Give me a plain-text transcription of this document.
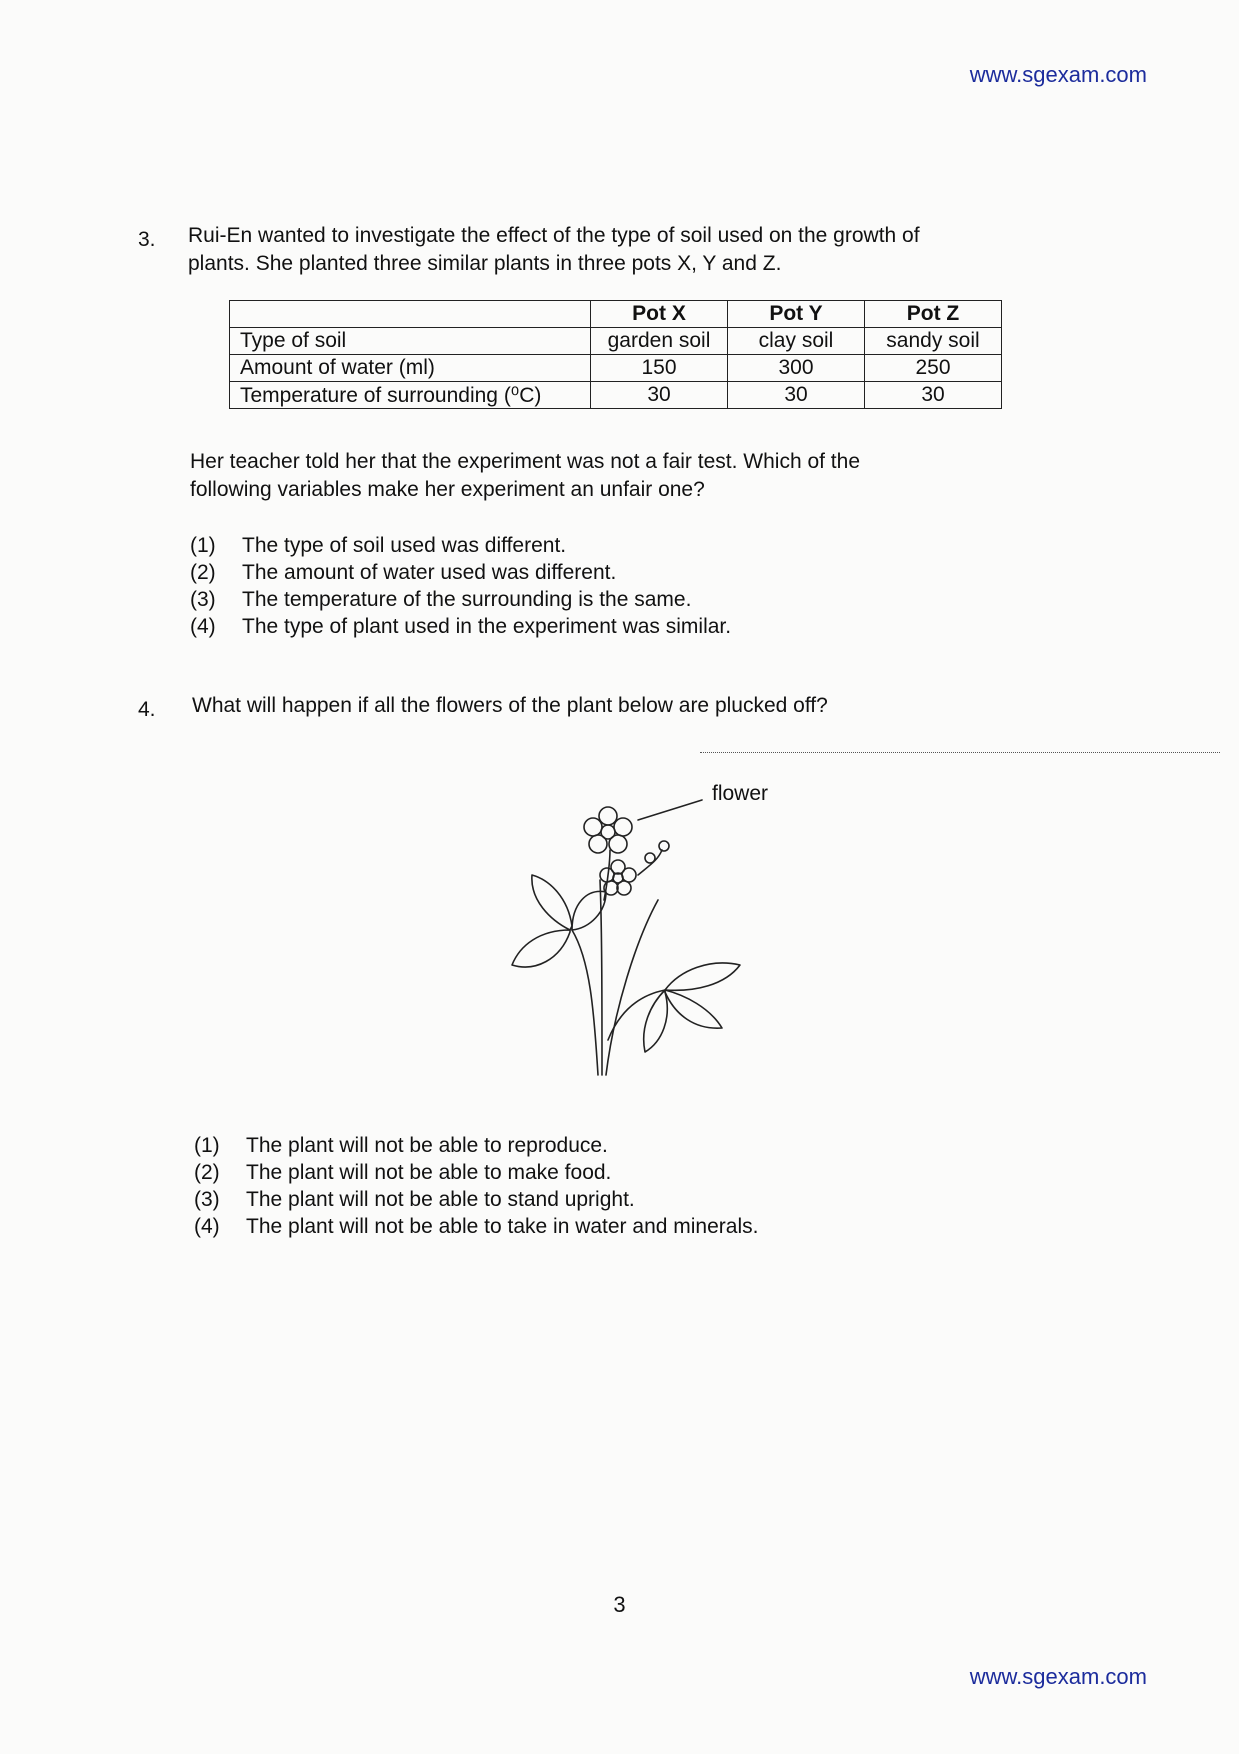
www.sgexam.com
3. Rui-En wanted to investigate the effect of the type of soil used on the growth of
plants. She planted three similar plants in three pots X, Y and Z.
	Pot X	Pot Y	Pot Z
Type of soil	garden soil	clay soil	sandy soil
Amount of water (ml)	150	300	250
Temperature of surrounding (⁰C)	30	30	30
Her teacher told her that the experiment was not a fair test. Which of the
following variables make her experiment an unfair one?
(1)	The type of soil used was different.
(2)	The amount of water used was different.
(3)	The temperature of the surrounding is the same.
(4)	The type of plant used in the experiment was similar.
4. What will happen if all the flowers of the plant below are plucked off?
flower
(1)	The plant will not be able to reproduce.
(2)	The plant will not be able to make food.
(3)	The plant will not be able to stand upright.
(4)	The plant will not be able to take in water and minerals.
3
www.sgexam.com
